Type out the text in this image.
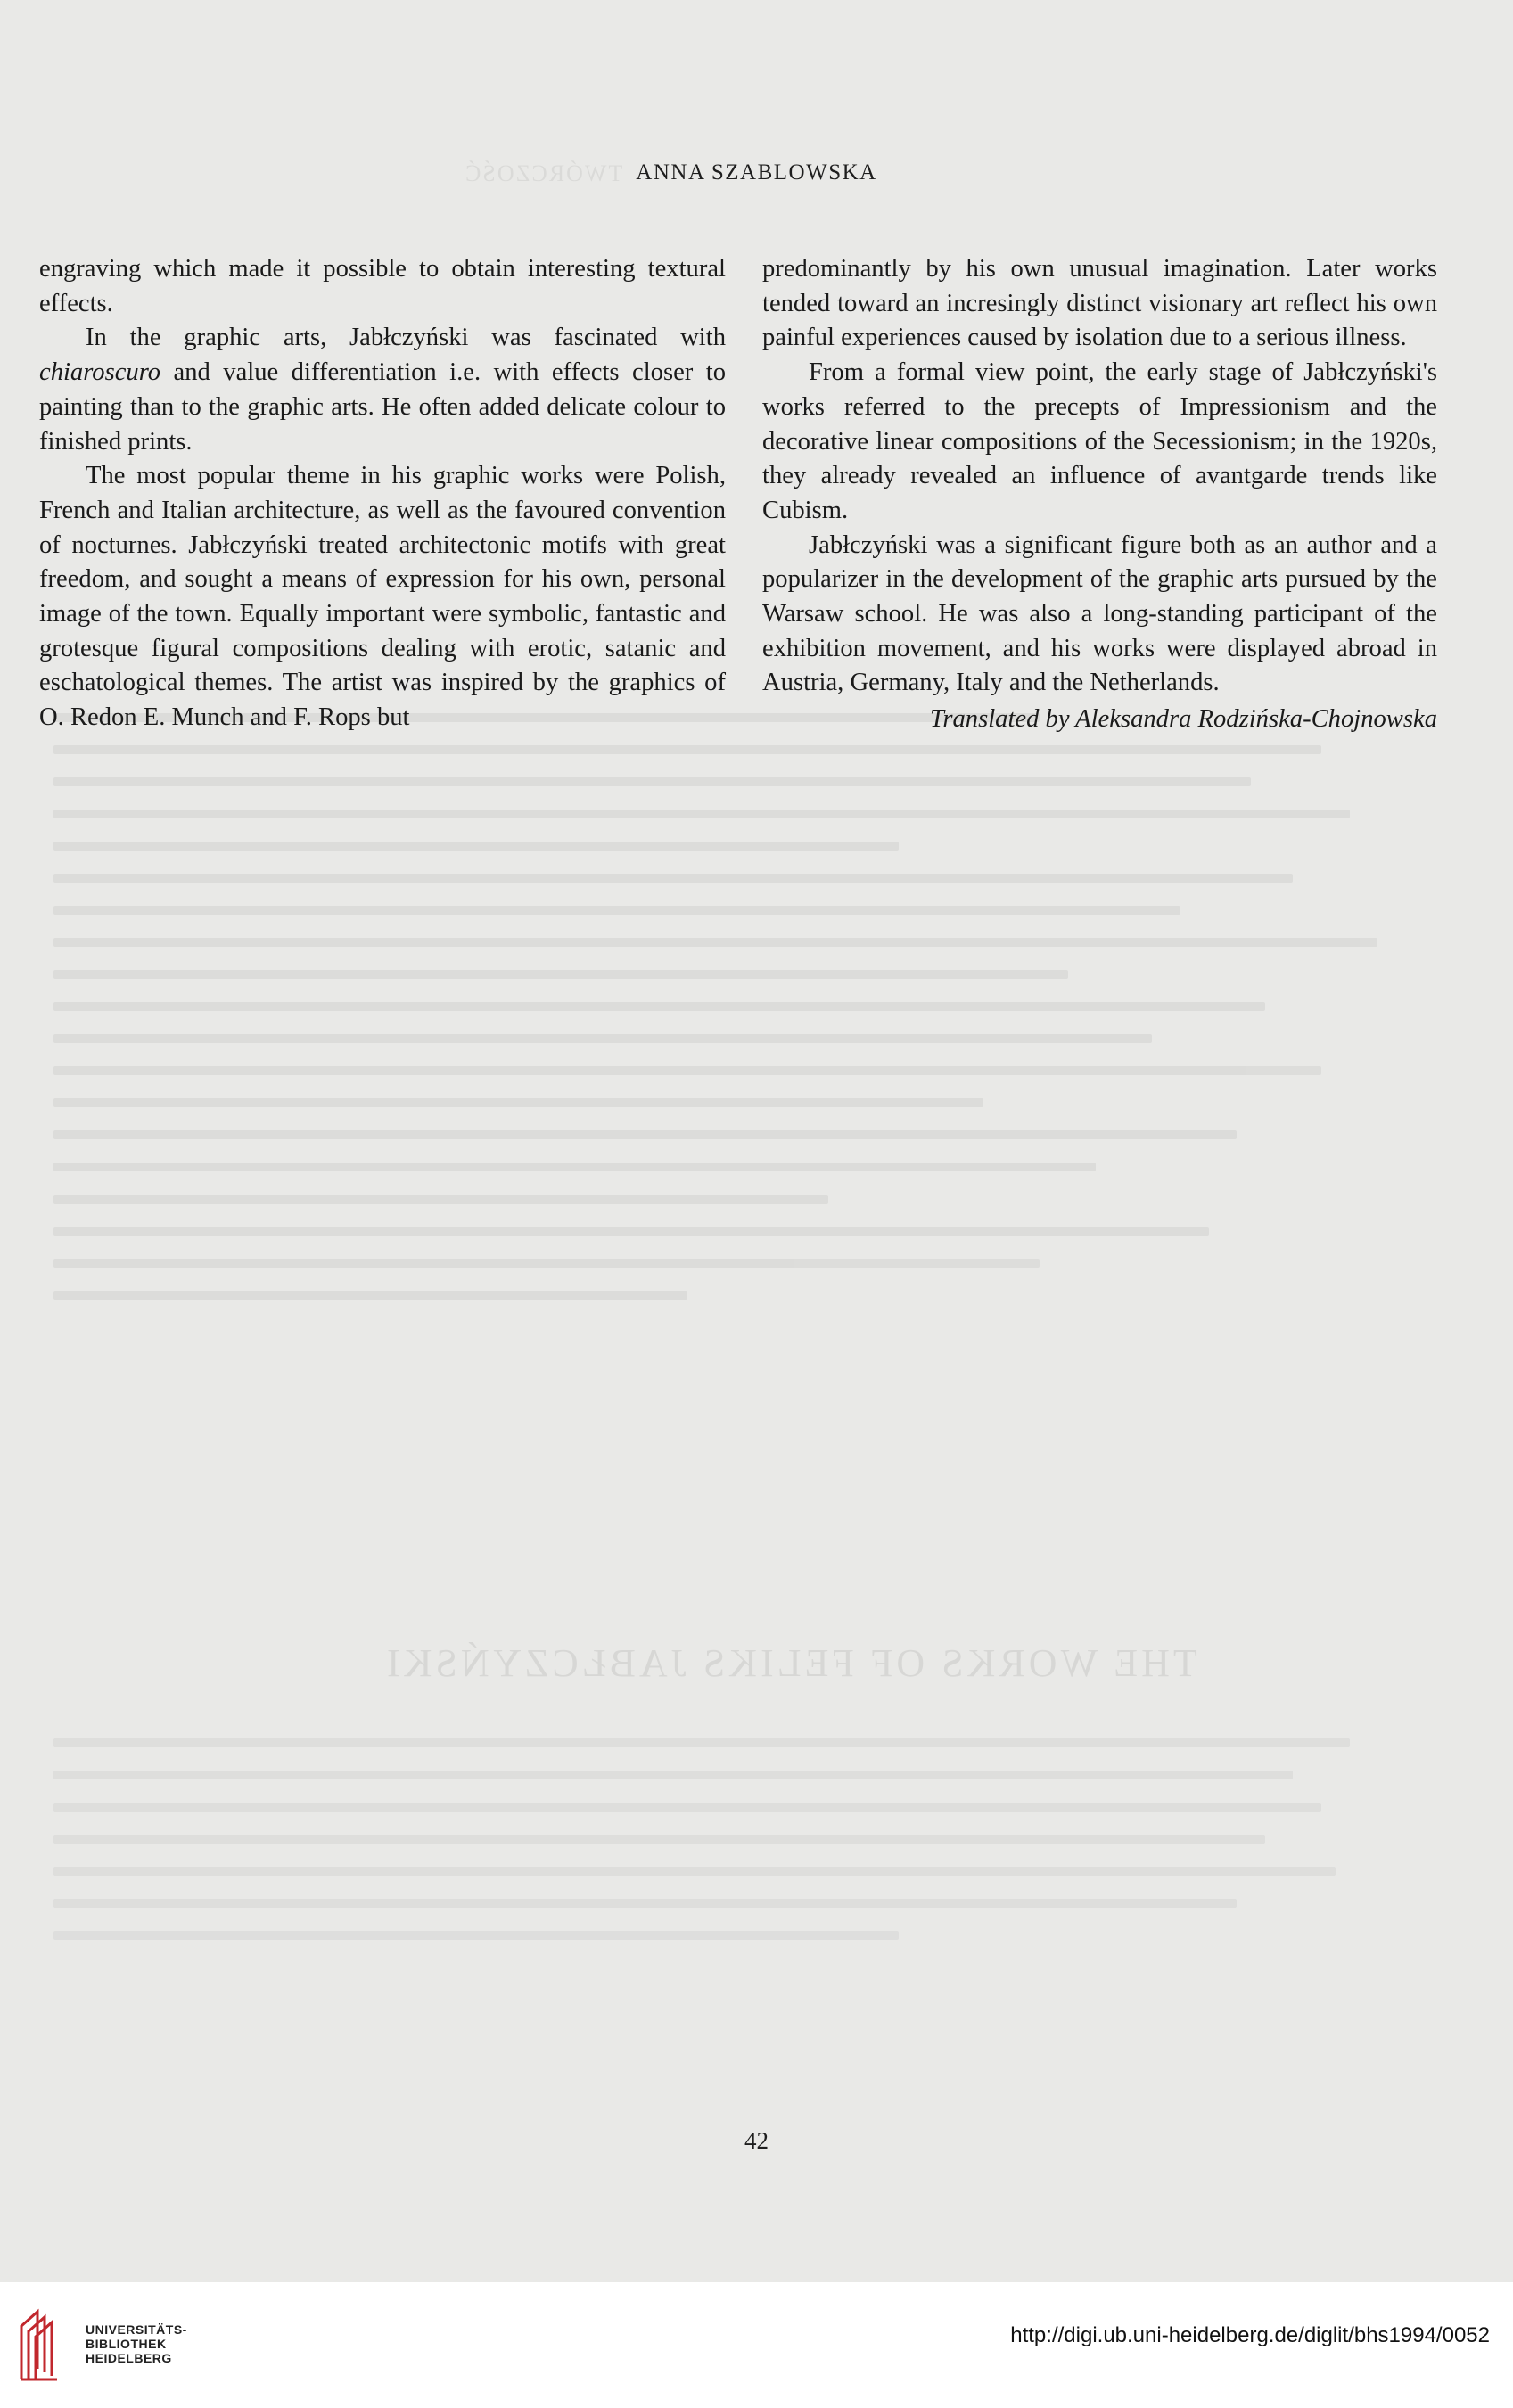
TWÓRCZOŚĆ
THE WORKS OF FELIKS JABŁCZYŃSKI
ANNA SZABLOWSKA

engraving which made it possible to obtain interesting textural effects.

In the graphic arts, Jabłczyński was fascinated with chiaroscuro and value differentiation i.e. with effects closer to painting than to the graphic arts. He often added delicate colour to finished prints.

The most popular theme in his graphic works were Polish, French and Italian architecture, as well as the favoured convention of nocturnes. Jabłczyński treated architectonic motifs with great freedom, and sought a means of expression for his own, personal image of the town. Equally important were symbolic, fantastic and grotesque figural compositions dealing with erotic, satanic and eschatological themes. The artist was inspired by the graphics of O. Redon E. Munch and F. Rops but

predominantly by his own unusual imagination. Later works tended toward an incresingly distinct visionary art reflect his own painful experiences caused by isolation due to a serious illness.

From a formal view point, the early stage of Jabłczyński's works referred to the precepts of Impressionism and the decorative linear compositions of the Secessionism; in the 1920s, they already revealed an influence of avantgarde trends like Cubism.

Jabłczyński was a significant figure both as an author and a popularizer in the development of the graphic arts pursued by the Warsaw school. He was also a long-standing participant of the exhibition movement, and his works were displayed abroad in Austria, Germany, Italy and the Netherlands.

Translated by Aleksandra Rodzińska-Chojnowska

42
UNIVERSITÄTS-
BIBLIOTHEK
HEIDELBERG
http://digi.ub.uni-heidelberg.de/diglit/bhs1994/0052
